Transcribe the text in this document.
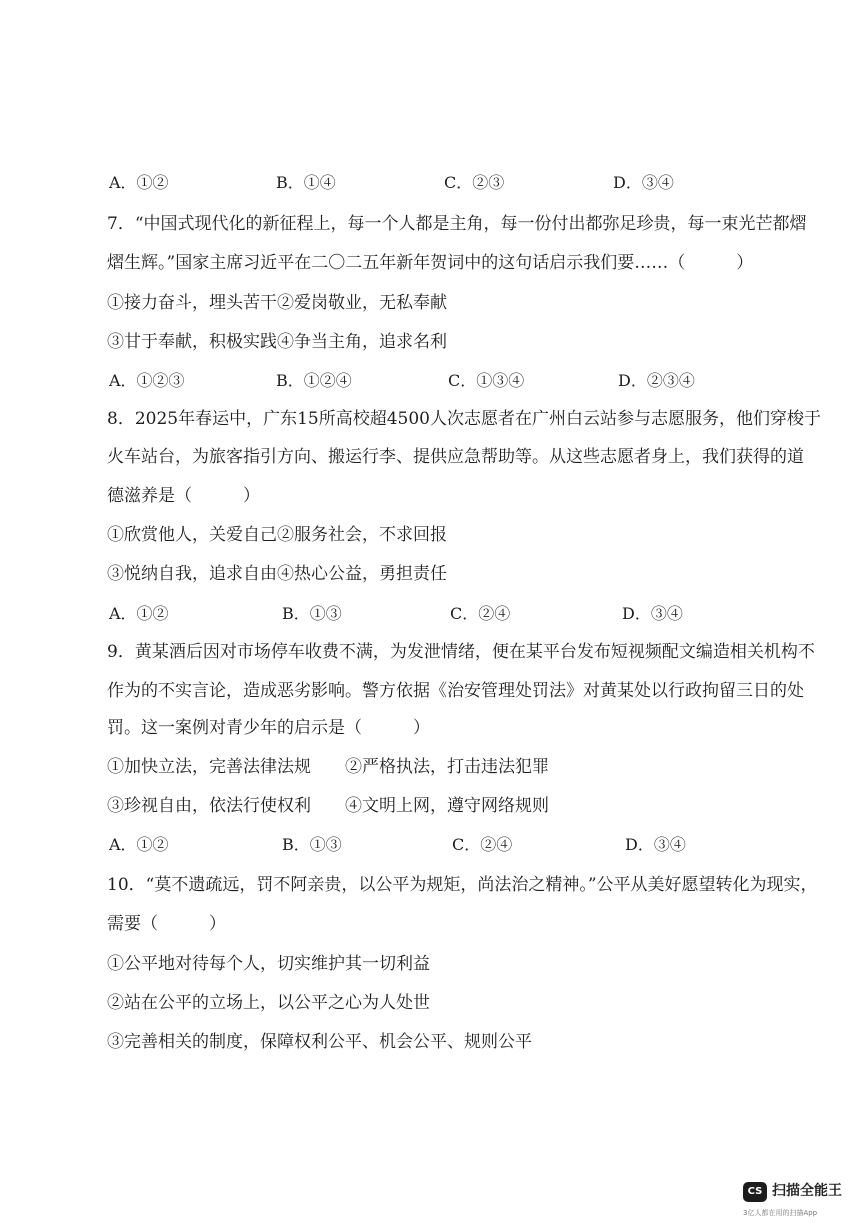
A．①②	B．①④	C．②③	D．③④
7．“中国式现代化的新征程上，每一个人都是主角，每一份付出都弥足珍贵，每一束光芒都熠
熠生辉。”国家主席习近平在二〇二五年新年贺词中的这句话启示我们要……（　　　）
①接力奋斗，埋头苦干②爱岗敬业，无私奉献
③甘于奉献，积极实践④争当主角，追求名利
A．①②③	B．①②④	C．①③④	D．②③④
8．2025年春运中，广东15所高校超4500人次志愿者在广州白云站参与志愿服务，他们穿梭于
火车站台，为旅客指引方向、搬运行李、提供应急帮助等。从这些志愿者身上，我们获得的道
德滋养是（　　　）
①欣赏他人，关爱自己②服务社会，不求回报
③悦纳自我，追求自由④热心公益，勇担责任
A．①②	B．①③	C．②④	D．③④
9．黄某酒后因对市场停车收费不满，为发泄情绪，便在某平台发布短视频配文编造相关机构不
作为的不实言论，造成恶劣影响。警方依据《治安管理处罚法》对黄某处以行政拘留三日的处
罚。这一案例对青少年的启示是（　　　）
①加快立法，完善法律法规　　②严格执法，打击违法犯罪
③珍视自由，依法行使权利　　④文明上网，遵守网络规则
A．①②	B．①③	C．②④	D．③④
10．“莫不遗疏远，罚不阿亲贵，以公平为规矩，尚法治之精神。”公平从美好愿望转化为现实，
需要（　　　）
①公平地对待每个人，切实维护其一切利益
②站在公平的立场上，以公平之心为人处世
③完善相关的制度，保障权利公平、机会公平、规则公平
CS 扫描全能王
3亿人都在用的扫描App
